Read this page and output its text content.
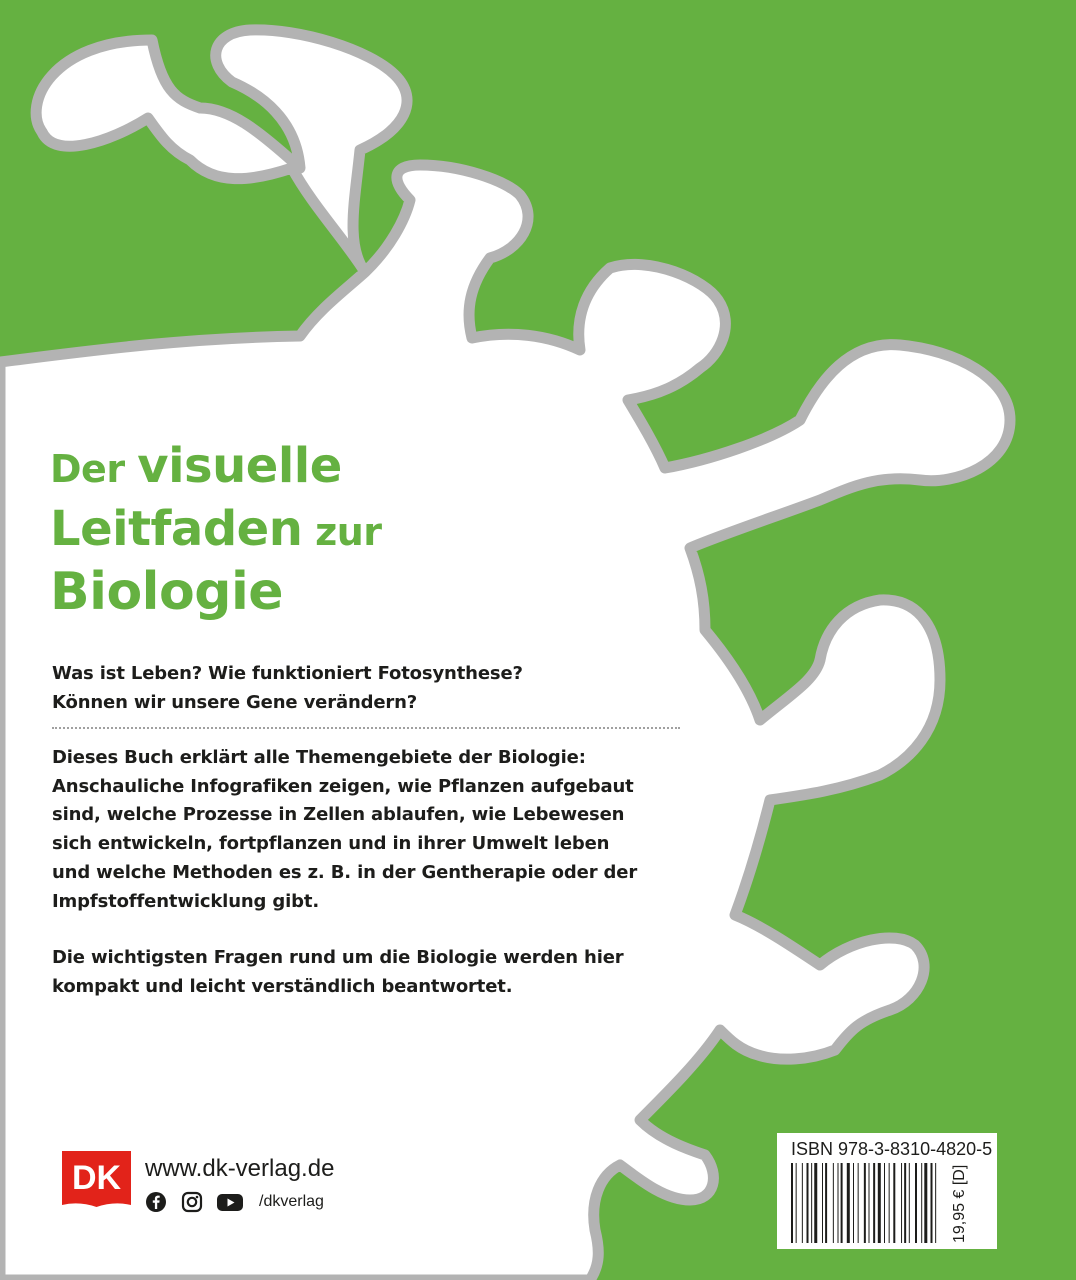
Der visuelle
Leitfaden zur
Biologie

Was ist Leben? Wie funktioniert Fotosynthese?
Können wir unsere Gene verändern?

Dieses Buch erklärt alle Themengebiete der Biologie:
Anschauliche Infografiken zeigen, wie Pflanzen aufgebaut
sind, welche Prozesse in Zellen ablaufen, wie Lebewesen
sich entwickeln, fortpflanzen und in ihrer Umwelt leben
und welche Methoden es z. B. in der Gentherapie oder der
Impfstoffentwicklung gibt.

Die wichtigsten Fragen rund um die Biologie werden hier
kompakt und leicht verständlich beantwortet.

DK www.dk-verlag.de
/dkverlag
ISBN 978-3-8310-4820-5
19,95 € [D]
